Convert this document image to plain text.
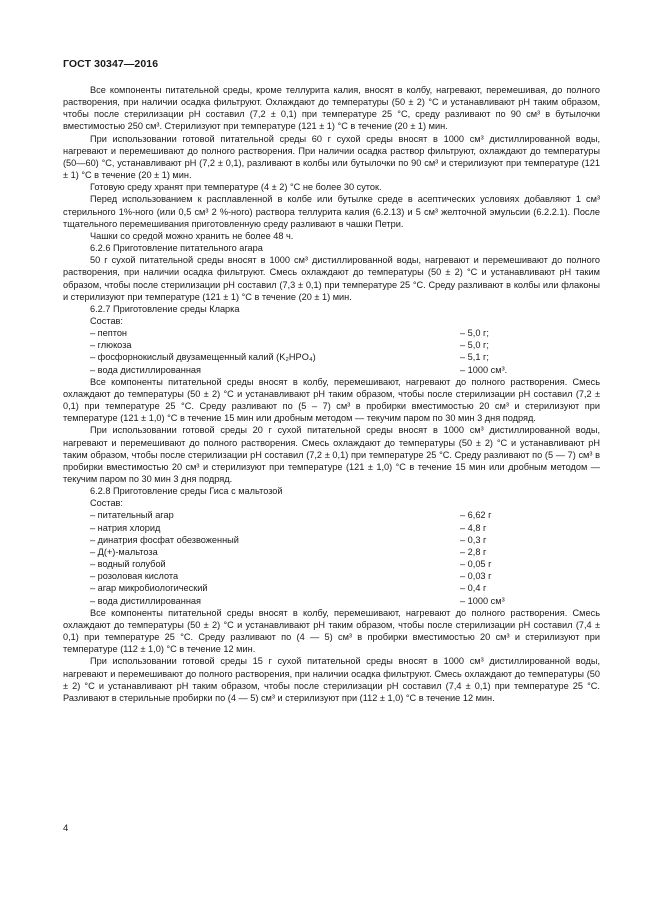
ГОСТ 30347—2016

Все компоненты питательной среды, кроме теллурита калия, вносят в колбу, нагревают, перемешивая, до полного растворения, при наличии осадка фильтруют. Охлаждают до температуры (50 ± 2) °С и устанавливают pH таким образом, чтобы после стерилизации pH составил (7,2 ± 0,1) при температуре 25 °С, среду разливают по 90 см³ в бутылочки вместимостью 250 см³. Стерилизуют при температуре (121 ± 1) °С в течение (20 ± 1) мин.

При использовании готовой питательной среды 60 г сухой среды вносят в 1000 см³ дистиллированной воды, нагревают и перемешивают до полного растворения. При наличии осадка раствор фильтруют, охлаждают до температуры (50—60) °С, устанавливают pH (7,2 ± 0,1), разливают в колбы или бутылочки по 90 см³ и стерилизуют при температуре (121 ± 1) °С в течение (20 ± 1) мин.

Готовую среду хранят при температуре (4 ± 2) °С не более 30 суток.

Перед использованием к расплавленной в колбе или бутылке среде в асептических условиях добавляют 1 см³ стерильного 1%-ного (или 0,5 см³ 2 %-ного) раствора теллурита калия (6.2.13) и 5 см³ желточной эмульсии (6.2.2.1). После тщательного перемешивания приготовленную среду разливают в чашки Петри.

Чашки со средой можно хранить не более 48 ч.

6.2.6 Приготовление питательного агара

50 г сухой питательной среды вносят в 1000 см³ дистиллированной воды, нагревают и перемешивают до полного растворения, при наличии осадка фильтруют. Смесь охлаждают до температуры (50 ± 2) °С и устанавливают pH таким образом, чтобы после стерилизации pH составил (7,3 ± 0,1) при температуре 25 °С. Среду разливают в колбы или флаконы и стерилизуют при температуре (121 ± 1) °С в течение (20 ± 1) мин.

6.2.7 Приготовление среды Кларка

Состав:

– пептон	– 5,0 г;
– глюкоза	– 5,0 г;
– фосфорнокислый двузамещенный калий (K₂HPO₄)	– 5,1 г;
– вода дистиллированная	– 1000 см³.

Все компоненты питательной среды вносят в колбу, перемешивают, нагревают до полного растворения. Смесь охлаждают до температуры (50 ± 2) °С и устанавливают pH таким образом, чтобы после стерилизации pH составил (7,2 ± 0,1) при температуре 25 °С. Среду разливают по (5 – 7) см³ в пробирки вместимостью 20 см³ и стерилизуют при температуре (121 ± 1,0) °С в течение 15 мин или дробным методом — текучим паром по 30 мин 3 дня подряд.

При использовании готовой среды 20 г сухой питательной среды вносят в 1000 см³ дистиллированной воды, нагревают и перемешивают до полного растворения. Смесь охлаждают до температуры (50 ± 2) °С и устанавливают pH таким образом, чтобы после стерилизации pH составил (7,2 ± 0,1) при температуре 25 °С. Среду разливают по (5 — 7) см³ в пробирки вместимостью 20 см³ и стерилизуют при температуре (121 ± 1,0) °С в течение 15 мин или дробным методом — текучим паром по 30 мин 3 дня подряд.

6.2.8 Приготовление среды Гиса с мальтозой

Состав:

– питательный агар	– 6,62 г
– натрия хлорид	– 4,8 г
– динатрия фосфат обезвоженный	– 0,3 г
– Д(+)-мальтоза	– 2,8 г
– водный голубой	– 0,05 г
– розоловая кислота	– 0,03 г
– агар микробиологический	– 0,4 г
– вода дистиллированная	– 1000 см³

Все компоненты питательной среды вносят в колбу, перемешивают, нагревают до полного растворения. Смесь охлаждают до температуры (50 ± 2) °С и устанавливают pH таким образом, чтобы после стерилизации pH составил (7,4 ± 0,1) при температуре 25 °С. Среду разливают по (4 — 5) см³ в пробирки вместимостью 20 см³ и стерилизуют при температуре (112 ± 1,0) °С в течение 12 мин.

При использовании готовой среды 15 г сухой питательной среды вносят в 1000 см³ дистиллированной воды, нагревают и перемешивают до полного растворения, при наличии осадка фильтруют. Смесь охлаждают до температуры (50 ± 2) °С и устанавливают pH таким образом, чтобы после стерилизации pH составил (7,4 ± 0,1) при температуре 25 °С. Разливают в стерильные пробирки по (4 — 5) см³ и стерилизуют при (112 ± 1,0) °С в течение 12 мин.

4
